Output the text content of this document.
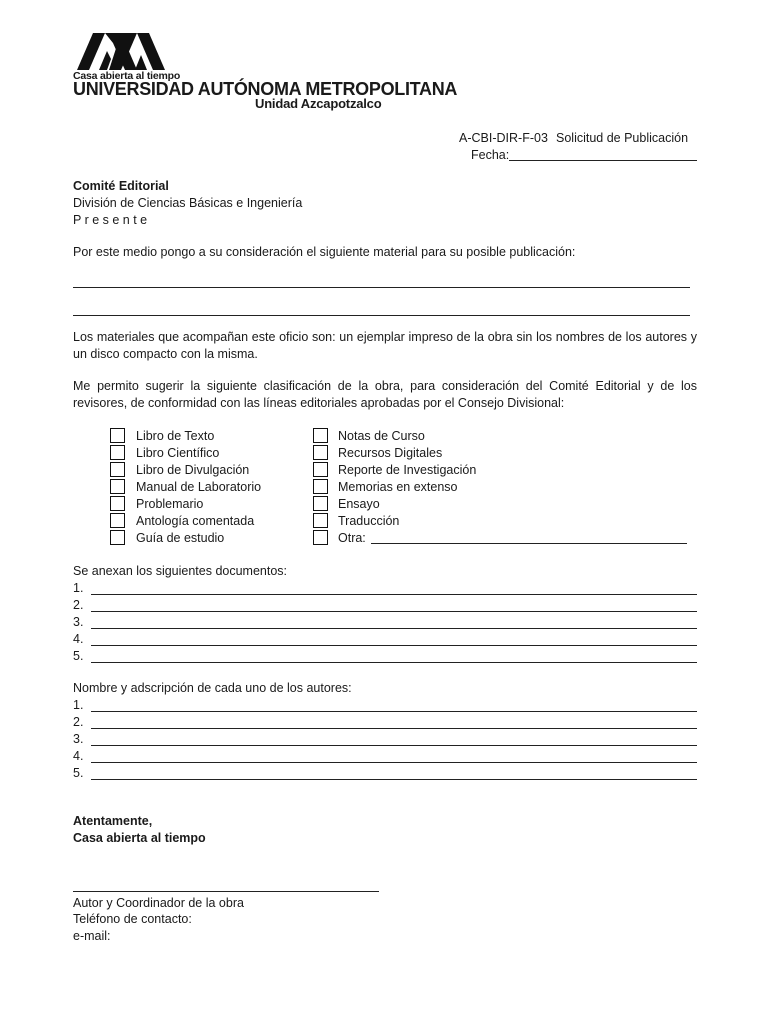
Casa abierta al tiempo
UNIVERSIDAD AUTÓNOMA METROPOLITANA
Unidad Azcapotzalco
A-CBI-DIR-F-03 Solicitud de Publicación
Fecha:
Comité Editorial
División de Ciencias Básicas e Ingeniería
P r e s e n t e
Por este medio pongo a su consideración el siguiente material para su posible publicación:
Los materiales que acompañan este oficio son: un ejemplar impreso de la obra sin los nombres de los autores y un disco compacto con la misma.
Me permito sugerir la siguiente clasificación de la obra, para consideración del Comité Editorial y de los revisores, de conformidad con las líneas editoriales aprobadas por el Consejo Divisional:
Libro de Texto
Libro Científico
Libro de Divulgación
Manual de Laboratorio
Problemario
Antología comentada
Guía de estudio
Notas de Curso
Recursos Digitales
Reporte de Investigación
Memorias en extenso
Ensayo
Traducción
Otra:
Se anexan los siguientes documentos:
1.
2.
3.
4.
5.
Nombre y adscripción de cada uno de los autores:
1.
2.
3.
4.
5.
Atentamente,
Casa abierta al tiempo
Autor y Coordinador de la obra
Teléfono de contacto:
e-mail:
